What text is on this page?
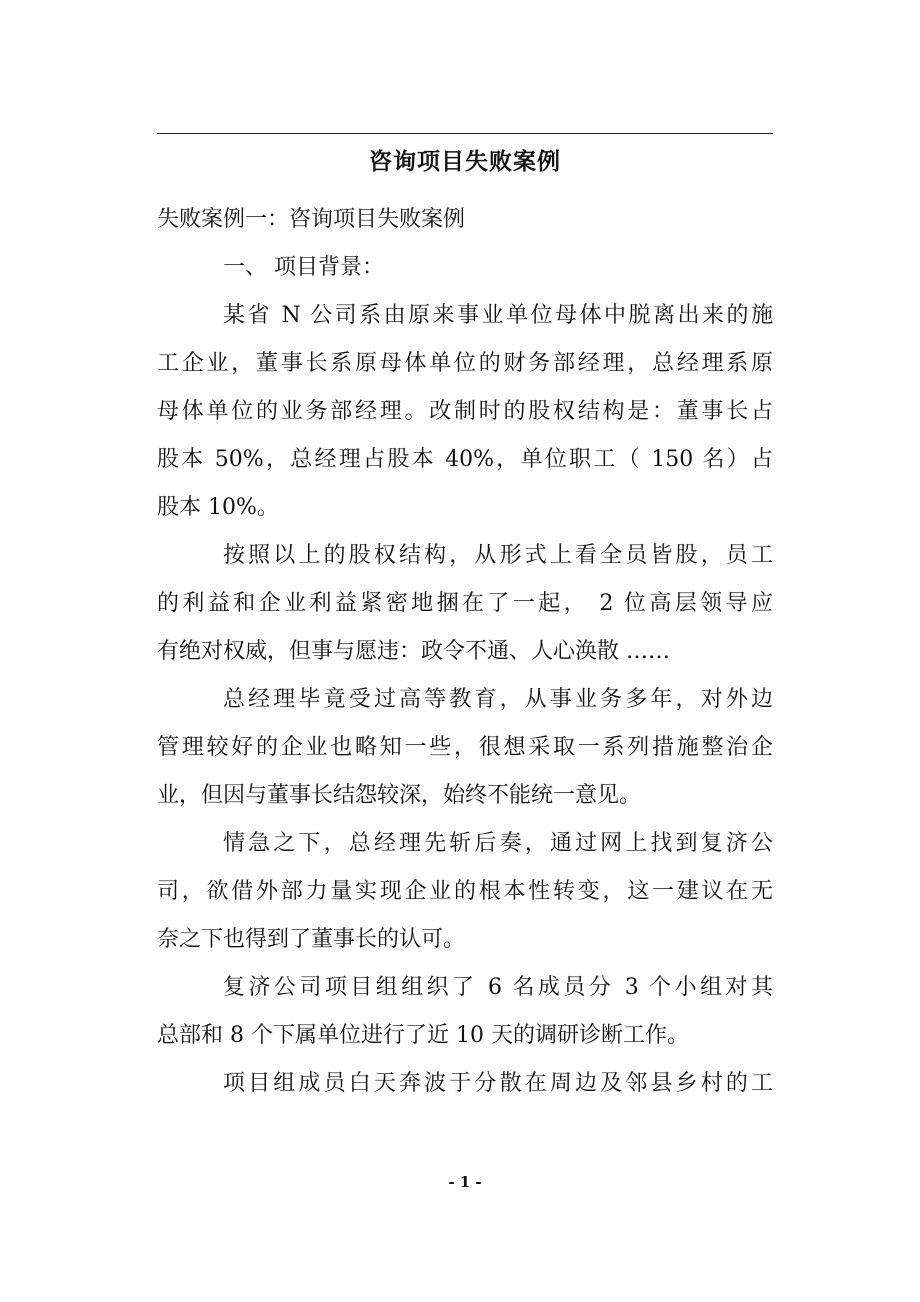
咨询项目失败案例
失败案例一：咨询项目失败案例
一、 项目背景：

某省 N 公司系由原来事业单位母体中脱离出来的施
工企业，董事长系原母体单位的财务部经理，总经理系原
母体单位的业务部经理。改制时的股权结构是：董事长占
股本 50%，总经理占股本 40%，单位职工（ 150 名）占
股本 10%。

按照以上的股权结构，从形式上看全员皆股，员工
的利益和企业利益紧密地捆在了一起， 2 位高层领导应
有绝对权威，但事与愿违：政令不通、人心涣散 ……

总经理毕竟受过高等教育，从事业务多年，对外边
管理较好的企业也略知一些，很想采取一系列措施整治企
业，但因与董事长结怨较深，始终不能统一意见。

情急之下，总经理先斩后奏，通过网上找到复济公
司，欲借外部力量实现企业的根本性转变，这一建议在无
奈之下也得到了董事长的认可。

复济公司项目组组织了 6 名成员分 3 个小组对其
总部和 8 个下属单位进行了近 10 天的调研诊断工作。

项目组成员白天奔波于分散在周边及邻县乡村的工

- 1 -
